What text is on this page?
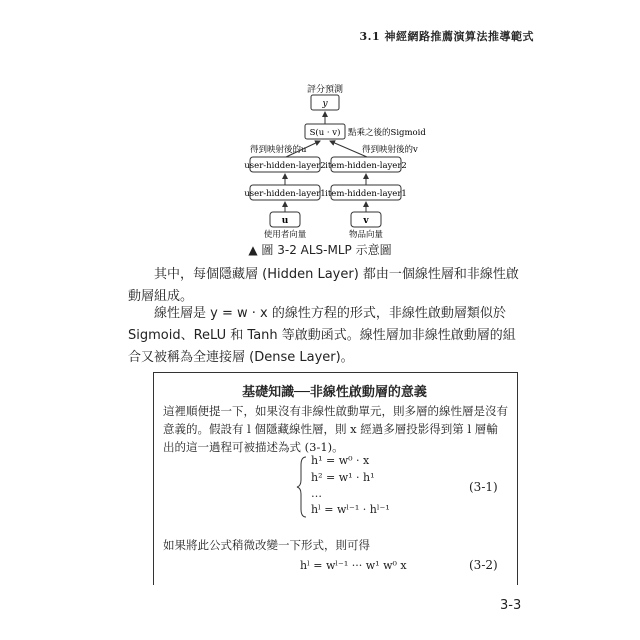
3.1 神經網路推薦演算法推導範式
評分預測
y
S(u · v) 點乘之後的Sigmoid
得到映射後的u	得到映射後的v
user-hidden-layer2 item-hidden-layer2
user-hidden-layer1 item-hidden-layer1
u	v
使用者向量	物品向量
▲ 圖 3-2 ALS-MLP 示意圖
其中，每個隱藏層 (Hidden Layer) 都由一個線性層和非線性啟動層組成。
線性層是 y = w · x 的線性方程的形式，非線性啟動層類似於 Sigmoid、ReLU 和 Tanh 等啟動函式。線性層加非線性啟動層的組合又被稱為全連接層 (Dense Layer)。
基礎知識──非線性啟動層的意義
這裡順便提一下，如果沒有非線性啟動單元，則多層的線性層是沒有意義的。假設有 l 個隱藏線性層，則 x 經過多層投影得到第 l 層輸出的這一過程可被描述為式 (3-1)。
h¹ = w⁰ · x
h² = w¹ · h¹
…
hˡ = wˡ⁻¹ · hˡ⁻¹
(3-1)
如果將此公式稍微改變一下形式，則可得
hˡ = wˡ⁻¹ ··· w¹ w⁰ x	(3-2)
3-3
